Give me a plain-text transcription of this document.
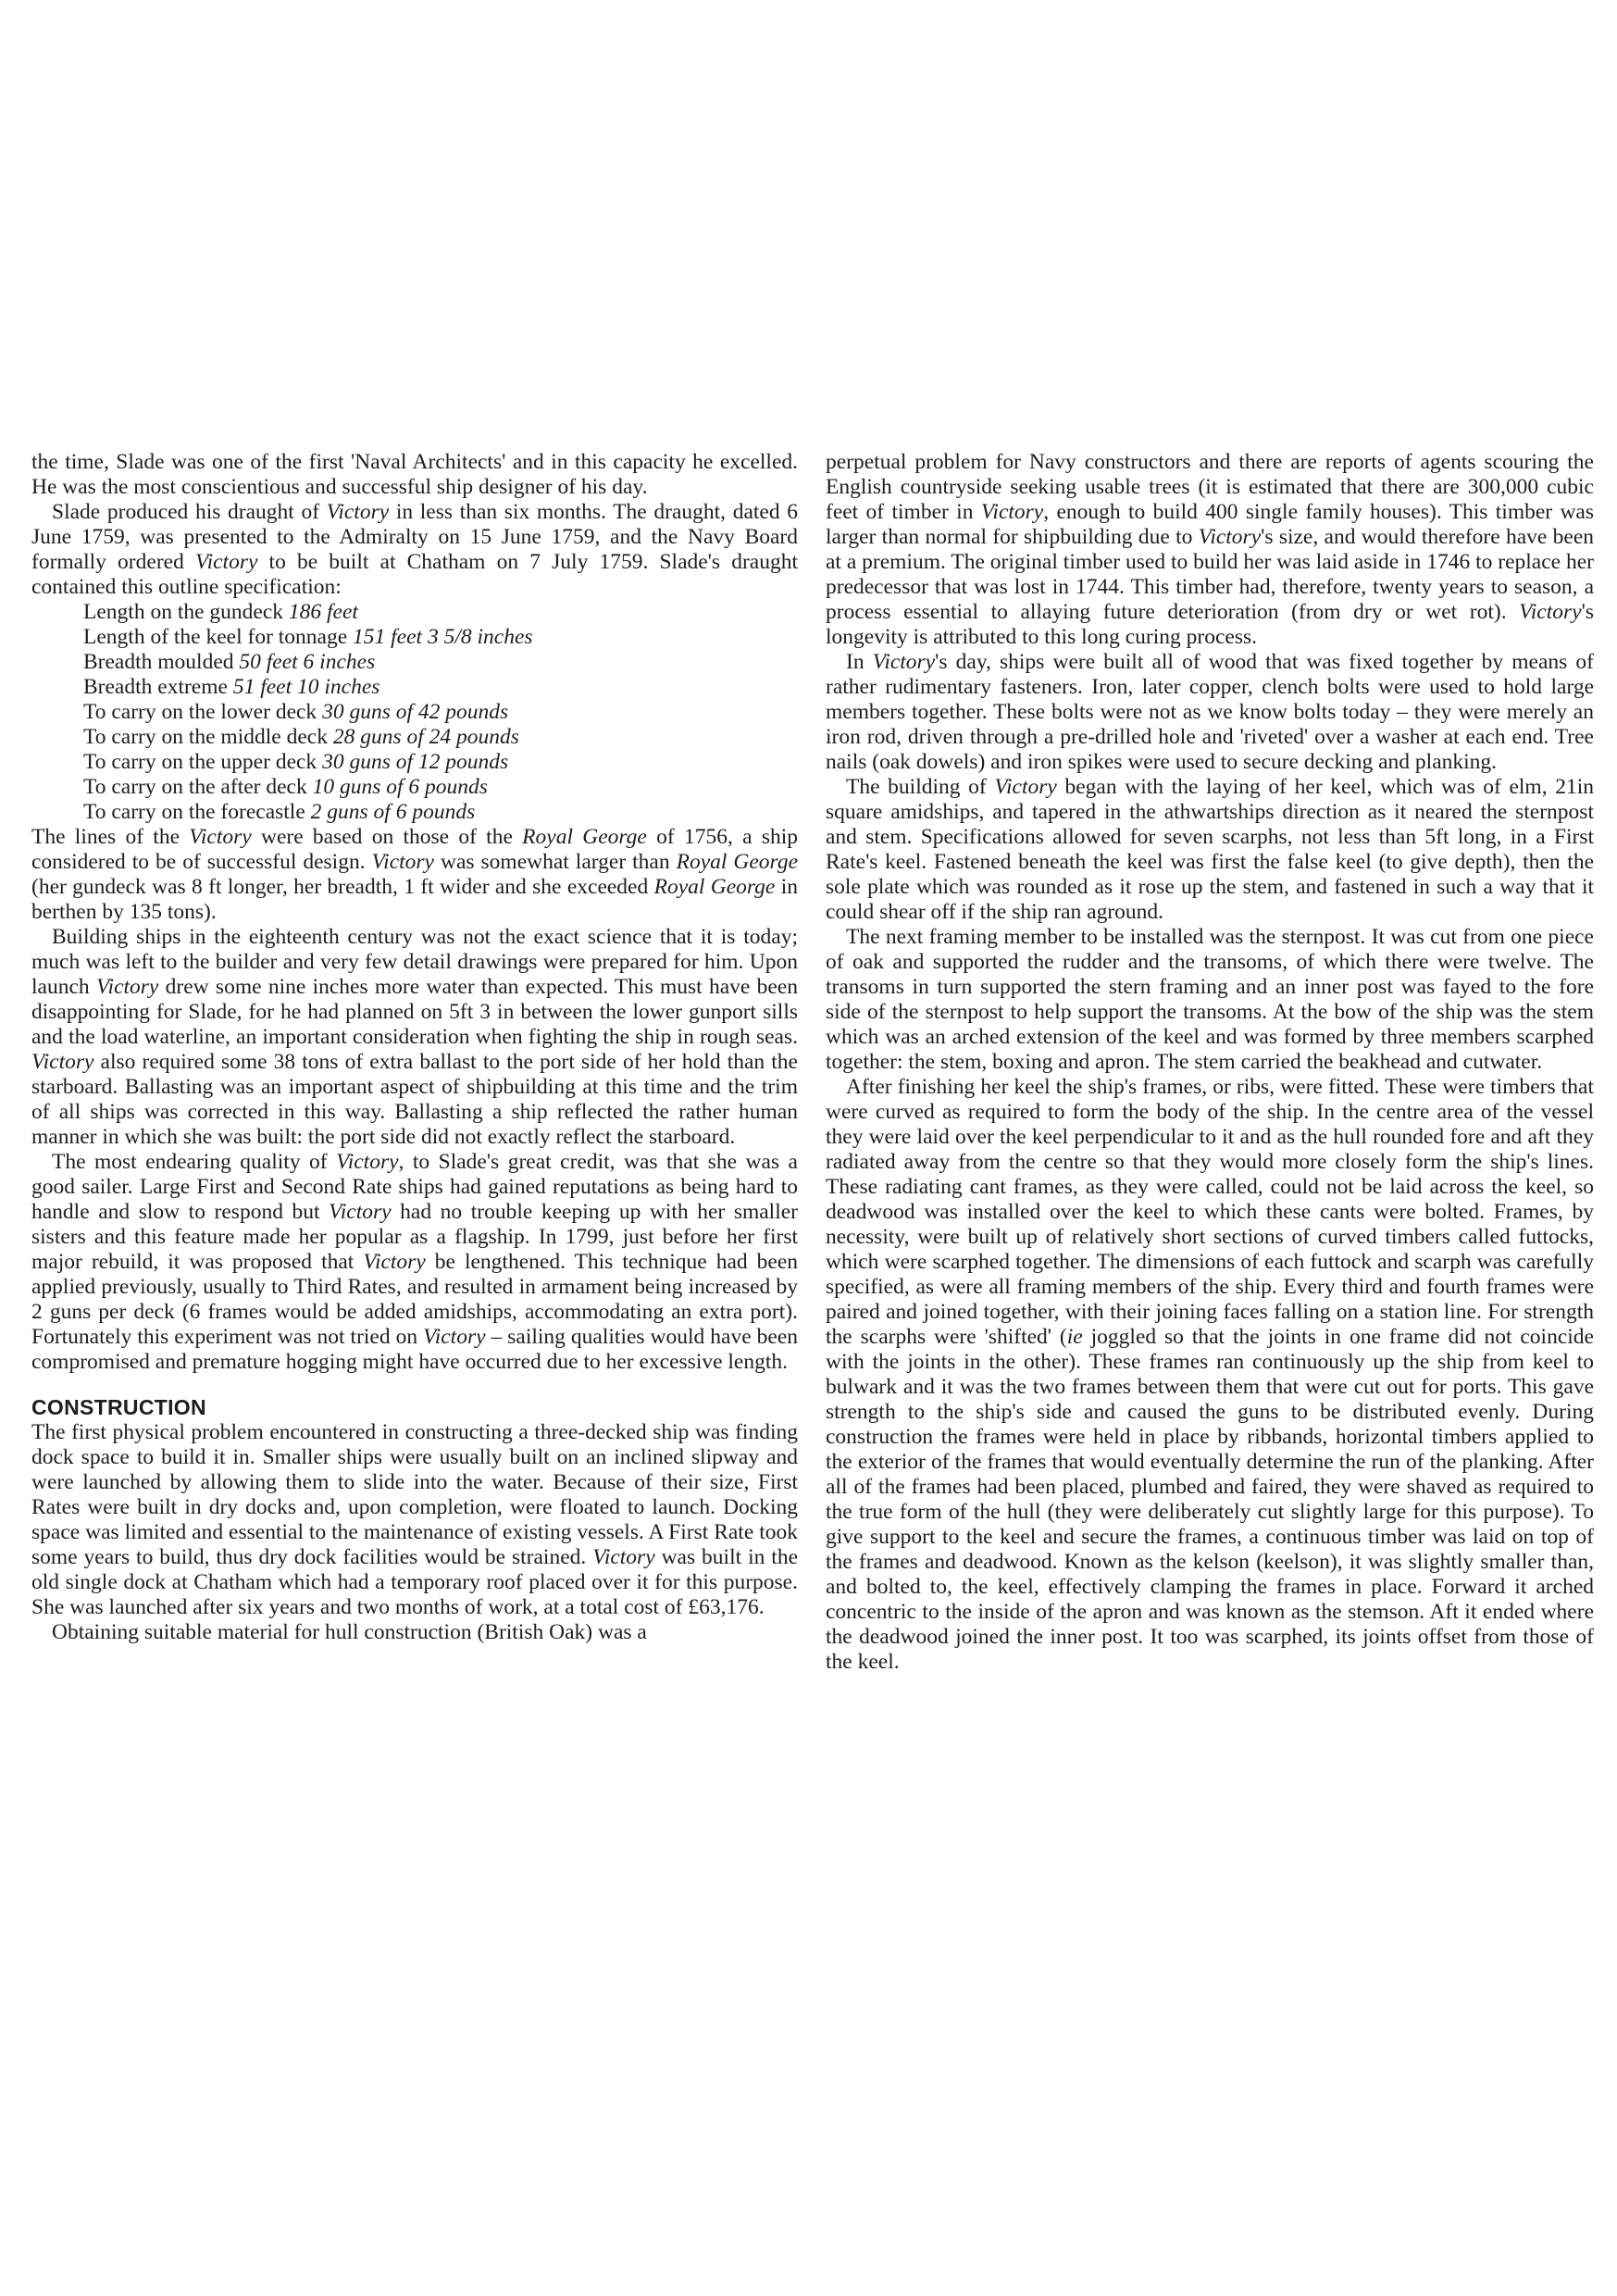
the time, Slade was one of the first 'Naval Architects' and in this capacity he excelled. He was the most conscientious and successful ship designer of his day.

Slade produced his draught of Victory in less than six months. The draught, dated 6 June 1759, was presented to the Admiralty on 15 June 1759, and the Navy Board formally ordered Victory to be built at Chatham on 7 July 1759. Slade's draught contained this outline specification:

Length on the gundeck 186 feet
Length of the keel for tonnage 151 feet 3 5/8 inches
Breadth moulded 50 feet 6 inches
Breadth extreme 51 feet 10 inches
To carry on the lower deck 30 guns of 42 pounds
To carry on the middle deck 28 guns of 24 pounds
To carry on the upper deck 30 guns of 12 pounds
To carry on the after deck 10 guns of 6 pounds
To carry on the forecastle 2 guns of 6 pounds

The lines of the Victory were based on those of the Royal George of 1756, a ship considered to be of successful design. Victory was somewhat larger than Royal George (her gundeck was 8 ft longer, her breadth, 1 ft wider and she exceeded Royal George in berthen by 135 tons).

Building ships in the eighteenth century was not the exact science that it is today; much was left to the builder and very few detail drawings were prepared for him. Upon launch Victory drew some nine inches more water than expected. This must have been disappointing for Slade, for he had planned on 5ft 3 in between the lower gunport sills and the load waterline, an important consideration when fighting the ship in rough seas. Victory also required some 38 tons of extra ballast to the port side of her hold than the starboard. Ballasting was an important aspect of shipbuilding at this time and the trim of all ships was corrected in this way. Ballasting a ship reflected the rather human manner in which she was built: the port side did not exactly reflect the starboard.

The most endearing quality of Victory, to Slade's great credit, was that she was a good sailer. Large First and Second Rate ships had gained reputations as being hard to handle and slow to respond but Victory had no trouble keeping up with her smaller sisters and this feature made her popular as a flagship. In 1799, just before her first major rebuild, it was proposed that Victory be lengthened. This technique had been applied previously, usually to Third Rates, and resulted in armament being increased by 2 guns per deck (6 frames would be added amidships, accommodating an extra port). Fortunately this experiment was not tried on Victory – sailing qualities would have been compromised and premature hogging might have occurred due to her excessive length.

CONSTRUCTION

The first physical problem encountered in constructing a three-decked ship was finding dock space to build it in. Smaller ships were usually built on an inclined slipway and were launched by allowing them to slide into the water. Because of their size, First Rates were built in dry docks and, upon completion, were floated to launch. Docking space was limited and essential to the maintenance of existing vessels. A First Rate took some years to build, thus dry dock facilities would be strained. Victory was built in the old single dock at Chatham which had a temporary roof placed over it for this purpose. She was launched after six years and two months of work, at a total cost of £63,176.

Obtaining suitable material for hull construction (British Oak) was a

perpetual problem for Navy constructors and there are reports of agents scouring the English countryside seeking usable trees (it is estimated that there are 300,000 cubic feet of timber in Victory, enough to build 400 single family houses). This timber was larger than normal for shipbuilding due to Victory's size, and would therefore have been at a premium. The original timber used to build her was laid aside in 1746 to replace her predecessor that was lost in 1744. This timber had, therefore, twenty years to season, a process essential to allaying future deterioration (from dry or wet rot). Victory's longevity is attributed to this long curing process.

In Victory's day, ships were built all of wood that was fixed together by means of rather rudimentary fasteners. Iron, later copper, clench bolts were used to hold large members together. These bolts were not as we know bolts today – they were merely an iron rod, driven through a pre-drilled hole and 'riveted' over a washer at each end. Tree nails (oak dowels) and iron spikes were used to secure decking and planking.

The building of Victory began with the laying of her keel, which was of elm, 21in square amidships, and tapered in the athwartships direction as it neared the sternpost and stem. Specifications allowed for seven scarphs, not less than 5ft long, in a First Rate's keel. Fastened beneath the keel was first the false keel (to give depth), then the sole plate which was rounded as it rose up the stem, and fastened in such a way that it could shear off if the ship ran aground.

The next framing member to be installed was the sternpost. It was cut from one piece of oak and supported the rudder and the transoms, of which there were twelve. The transoms in turn supported the stern framing and an inner post was fayed to the fore side of the sternpost to help support the transoms. At the bow of the ship was the stem which was an arched extension of the keel and was formed by three members scarphed together: the stem, boxing and apron. The stem carried the beakhead and cutwater.

After finishing her keel the ship's frames, or ribs, were fitted. These were timbers that were curved as required to form the body of the ship. In the centre area of the vessel they were laid over the keel perpendicular to it and as the hull rounded fore and aft they radiated away from the centre so that they would more closely form the ship's lines. These radiating cant frames, as they were called, could not be laid across the keel, so deadwood was installed over the keel to which these cants were bolted. Frames, by necessity, were built up of relatively short sections of curved timbers called futtocks, which were scarphed together. The dimensions of each futtock and scarph was carefully specified, as were all framing members of the ship. Every third and fourth frames were paired and joined together, with their joining faces falling on a station line. For strength the scarphs were 'shifted' (ie joggled so that the joints in one frame did not coincide with the joints in the other). These frames ran continuously up the ship from keel to bulwark and it was the two frames between them that were cut out for ports. This gave strength to the ship's side and caused the guns to be distributed evenly. During construction the frames were held in place by ribbands, horizontal timbers applied to the exterior of the frames that would eventually determine the run of the planking. After all of the frames had been placed, plumbed and faired, they were shaved as required to the true form of the hull (they were deliberately cut slightly large for this purpose). To give support to the keel and secure the frames, a continuous timber was laid on top of the frames and deadwood. Known as the kelson (keelson), it was slightly smaller than, and bolted to, the keel, effectively clamping the frames in place. Forward it arched concentric to the inside of the apron and was known as the stemson. Aft it ended where the deadwood joined the inner post. It too was scarphed, its joints offset from those of the keel.
